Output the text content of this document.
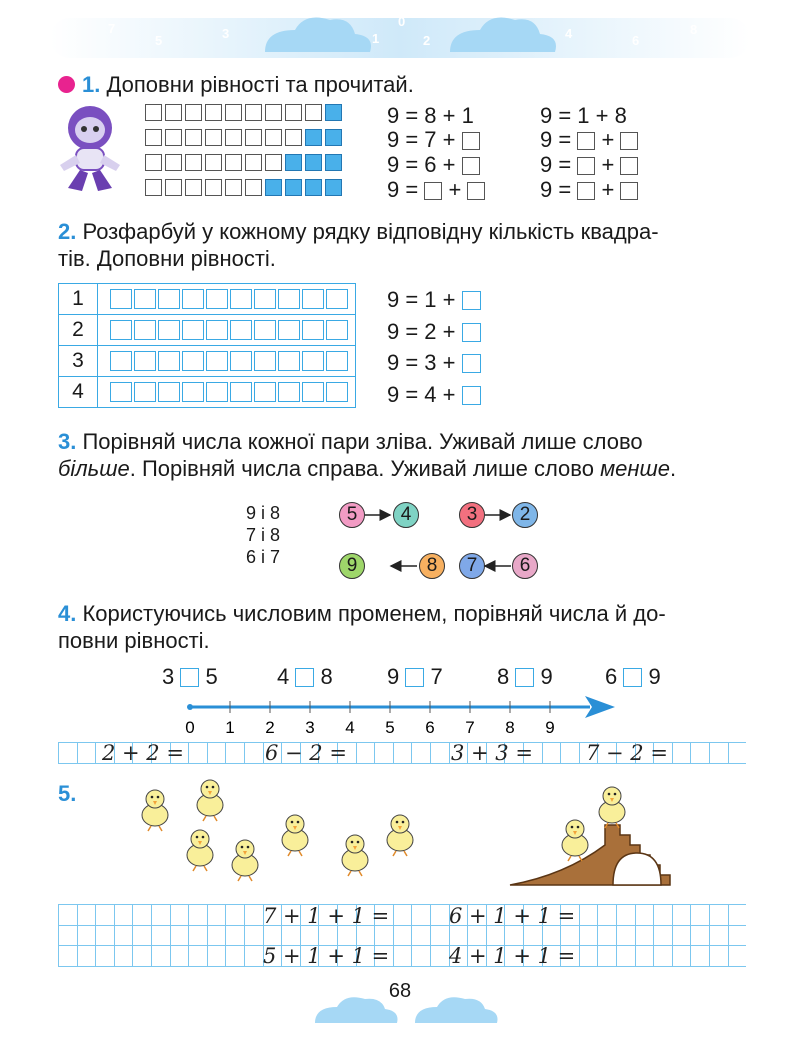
7
5	3	1
0
2	4	6
8
1. Доповни рівності та прочитай.
9 = 8 + 1	9 = 1 + 8
9 = 7 +	9 = +
9 = 6 +	9 = +
9 = +	9 = +
2. Розфарбуй у кожному рядку відповідну кількість квадра-
тів. Доповни рівності.
1	
2	
3	
4	
9 = 1 +
9 = 2 +
9 = 3 +
9 = 4 +
3. Порівняй числа кожної пари зліва. Уживай лише слово
більше. Порівняй числа справа. Уживай лише слово менше.
9 і 8
7 і 8
6 і 7
5	4	3	2
9	8	7	6
4. Користуючись числовим променем, порівняй числа й до-
повни рівності.
3 5	4 8 9 7 8 9 6 9
0 1 2 3 4 5 6 7 8 9
2 + 2 =	6 − 2 =	3 + 3 =	7 − 2 =
5.
7 + 1 + 1 =	6 + 1 + 1 =
5 + 1 + 1 =	4 + 1 + 1 =
68
